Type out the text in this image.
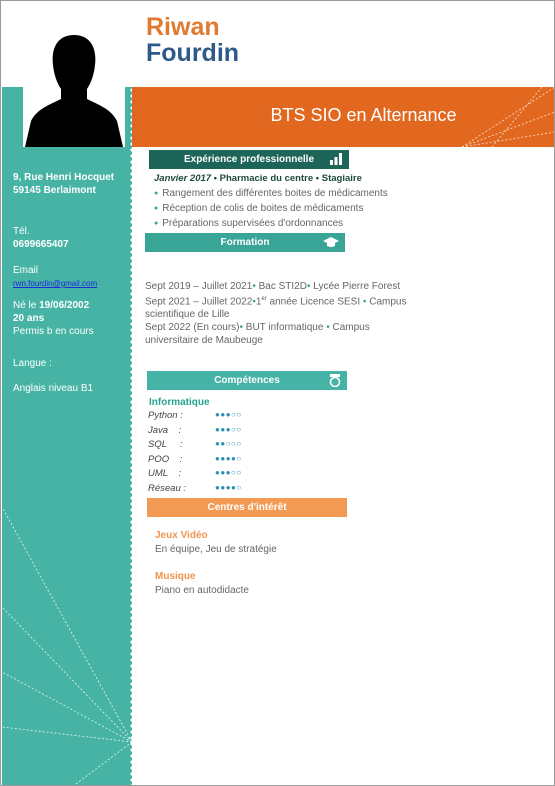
Riwan
Fourdin
9, Rue Henri Hocquet
59145 Berlaimont
Tél.
0699665407
Email
rwn.fourdin@gmail.com
Né le 19/06/2002
20 ans
Permis b en cours
Langue :
Anglais niveau B1
BTS SIO en Alternance
Expérience professionnelle
Janvier 2017 • Pharmacie du centre • Stagiaire
● Rangement des différentes boites de médicaments
● Réception de colis de boites de médicaments
● Préparations supervisées d'ordonnances
Formation
Sept 2019 – Juillet 2021• Bac STI2D• Lycée Pierre Forest
Sept 2021 – Juillet 2022•1er année Licence SESI • Campus scientifique de Lille
Sept 2022 (En cours)• BUT informatique • Campus universitaire de Maubeuge
Compétences
Informatique
Python :	●●●○○
Java    :	●●●○○
SQL     :	●●○○○
POO    :	●●●●○
UML    :	●●●○○
Réseau :	●●●●○
Centres d'intérêt
Jeux Vidéo
En équipe, Jeu de stratégie
Musique
Piano en autodidacte
